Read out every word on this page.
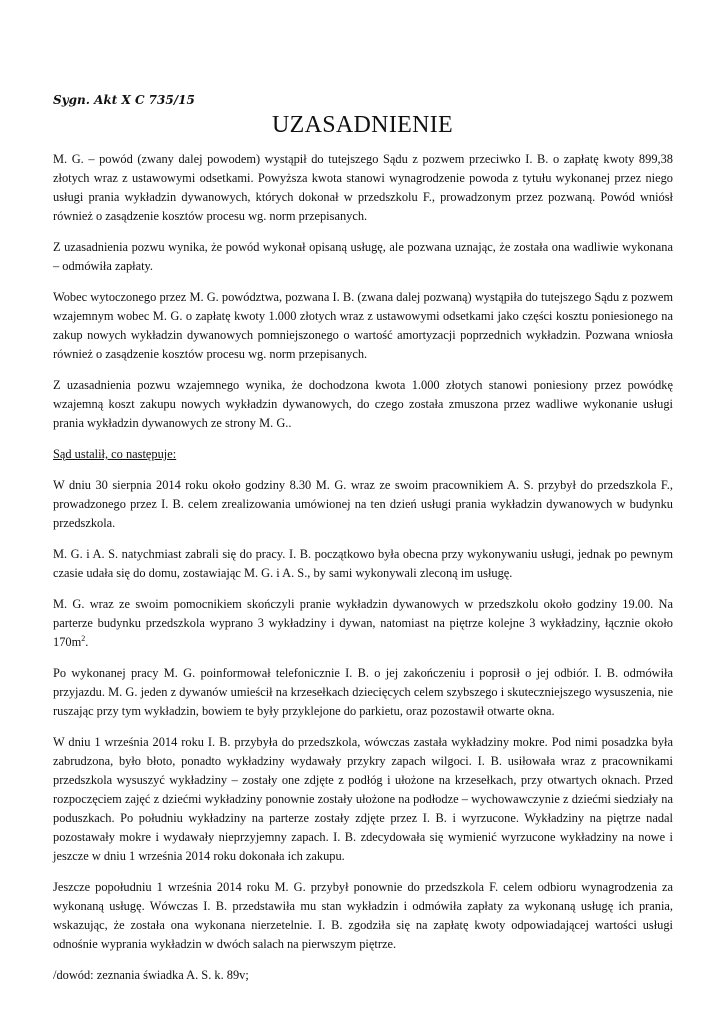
Sygn. Akt X C 735/15
UZASADNIENIE

M. G. – powód (zwany dalej powodem) wystąpił do tutejszego Sądu z pozwem przeciwko I. B. o zapłatę kwoty 899,38 złotych wraz z ustawowymi odsetkami. Powyższa kwota stanowi wynagrodzenie powoda z tytułu wykonanej przez niego usługi prania wykładzin dywanowych, których dokonał w przedszkolu F., prowadzonym przez pozwaną. Powód wniósł również o zasądzenie kosztów procesu wg. norm przepisanych.

Z uzasadnienia pozwu wynika, że powód wykonał opisaną usługę, ale pozwana uznając, że została ona wadliwie wykonana – odmówiła zapłaty.

Wobec wytoczonego przez M. G. powództwa, pozwana I. B. (zwana dalej pozwaną) wystąpiła do tutejszego Sądu z pozwem wzajemnym wobec M. G. o zapłatę kwoty 1.000 złotych wraz z ustawowymi odsetkami jako części kosztu poniesionego na zakup nowych wykładzin dywanowych pomniejszonego o wartość amortyzacji poprzednich wykładzin. Pozwana wniosła również o zasądzenie kosztów procesu wg. norm przepisanych.

Z uzasadnienia pozwu wzajemnego wynika, że dochodzona kwota 1.000 złotych stanowi poniesiony przez powódkę wzajemną koszt zakupu nowych wykładzin dywanowych, do czego została zmuszona przez wadliwe wykonanie usługi prania wykładzin dywanowych ze strony M. G..

Sąd ustalił, co następuje:

W dniu 30 sierpnia 2014 roku około godziny 8.30 M. G. wraz ze swoim pracownikiem A. S. przybył do przedszkola F., prowadzonego przez I. B. celem zrealizowania umówionej na ten dzień usługi prania wykładzin dywanowych w budynku przedszkola.

M. G. i A. S. natychmiast zabrali się do pracy. I. B. początkowo była obecna przy wykonywaniu usługi, jednak po pewnym czasie udała się do domu, zostawiając M. G. i A. S., by sami wykonywali zleconą im usługę.

M. G. wraz ze swoim pomocnikiem skończyli pranie wykładzin dywanowych w przedszkolu około godziny 19.00. Na parterze budynku przedszkola wyprano 3 wykładziny i dywan, natomiast na piętrze kolejne 3 wykładziny, łącznie około $170m^2$.

Po wykonanej pracy M. G. poinformował telefonicznie I. B. o jej zakończeniu i poprosił o jej odbiór. I. B. odmówiła przyjazdu. M. G. jeden z dywanów umieścił na krzesełkach dziecięcych celem szybszego i skuteczniejszego wysuszenia, nie ruszając przy tym wykładzin, bowiem te były przyklejone do parkietu, oraz pozostawił otwarte okna.

W dniu 1 września 2014 roku I. B. przybyła do przedszkola, wówczas zastała wykładziny mokre. Pod nimi posadzka była zabrudzona, było błoto, ponadto wykładziny wydawały przykry zapach wilgoci. I. B. usiłowała wraz z pracownikami przedszkola wysuszyć wykładziny – zostały one zdjęte z podłóg i ułożone na krzesełkach, przy otwartych oknach. Przed rozpoczęciem zajęć z dziećmi wykładziny ponownie zostały ułożone na podłodze – wychowawczynie z dziećmi siedziały na poduszkach. Po południu wykładziny na parterze zostały zdjęte przez I. B. i wyrzucone. Wykładziny na piętrze nadal pozostawały mokre i wydawały nieprzyjemny zapach. I. B. zdecydowała się wymienić wyrzucone wykładziny na nowe i jeszcze w dniu 1 września 2014 roku dokonała ich zakupu.

Jeszcze popołudniu 1 września 2014 roku M. G. przybył ponownie do przedszkola F. celem odbioru wynagrodzenia za wykonaną usługę. Wówczas I. B. przedstawiła mu stan wykładzin i odmówiła zapłaty za wykonaną usługę ich prania, wskazując, że została ona wykonana nierzetelnie. I. B. zgodziła się na zapłatę kwoty odpowiadającej wartości usługi odnośnie wyprania wykładzin w dwóch salach na pierwszym piętrze.

/dowód: zeznania świadka A. S. k. 89v;
